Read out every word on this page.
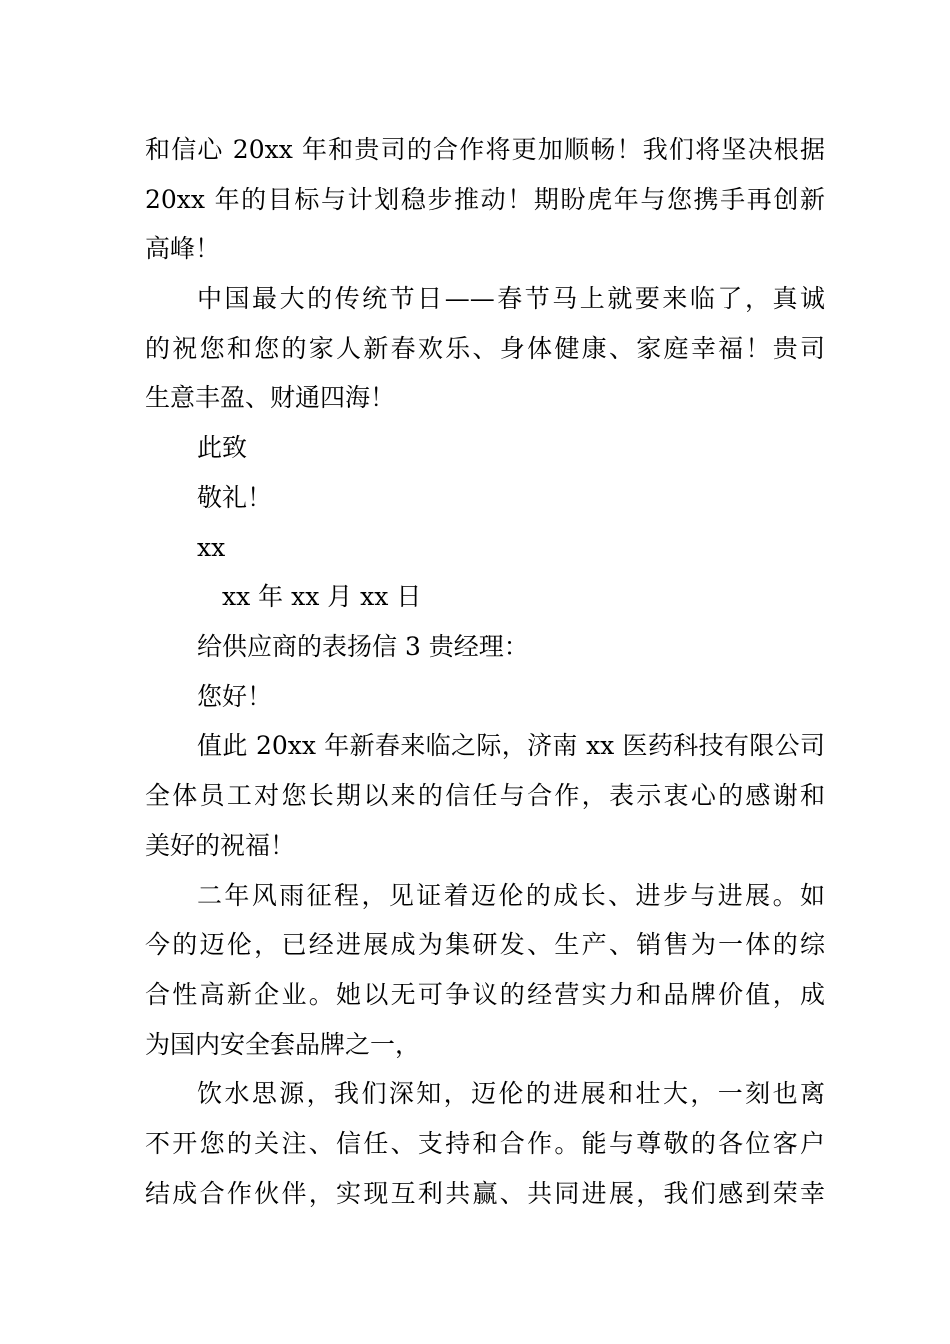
和信心 20xx 年和贵司的合作将更加顺畅！我们将坚决根据
20xx 年的目标与计划稳步推动！期盼虎年与您携手再创新
高峰！
中国最大的传统节日——春节马上就要来临了，真诚
的祝您和您的家人新春欢乐、身体健康、家庭幸福！贵司
生意丰盈、财通四海！
此致
敬礼！
xx
xx 年 xx 月 xx 日
给供应商的表扬信 3 贵经理：
您好！
值此 20xx 年新春来临之际，济南 xx 医药科技有限公司
全体员工对您长期以来的信任与合作，表示衷心的感谢和
美好的祝福！
二年风雨征程，见证着迈伦的成长、进步与进展。如
今的迈伦，已经进展成为集研发、生产、销售为一体的综
合性高新企业。她以无可争议的经营实力和品牌价值，成
为国内安全套品牌之一，
饮水思源，我们深知，迈伦的进展和壮大，一刻也离
不开您的关注、信任、支持和合作。能与尊敬的各位客户
结成合作伙伴，实现互利共赢、共同进展，我们感到荣幸
